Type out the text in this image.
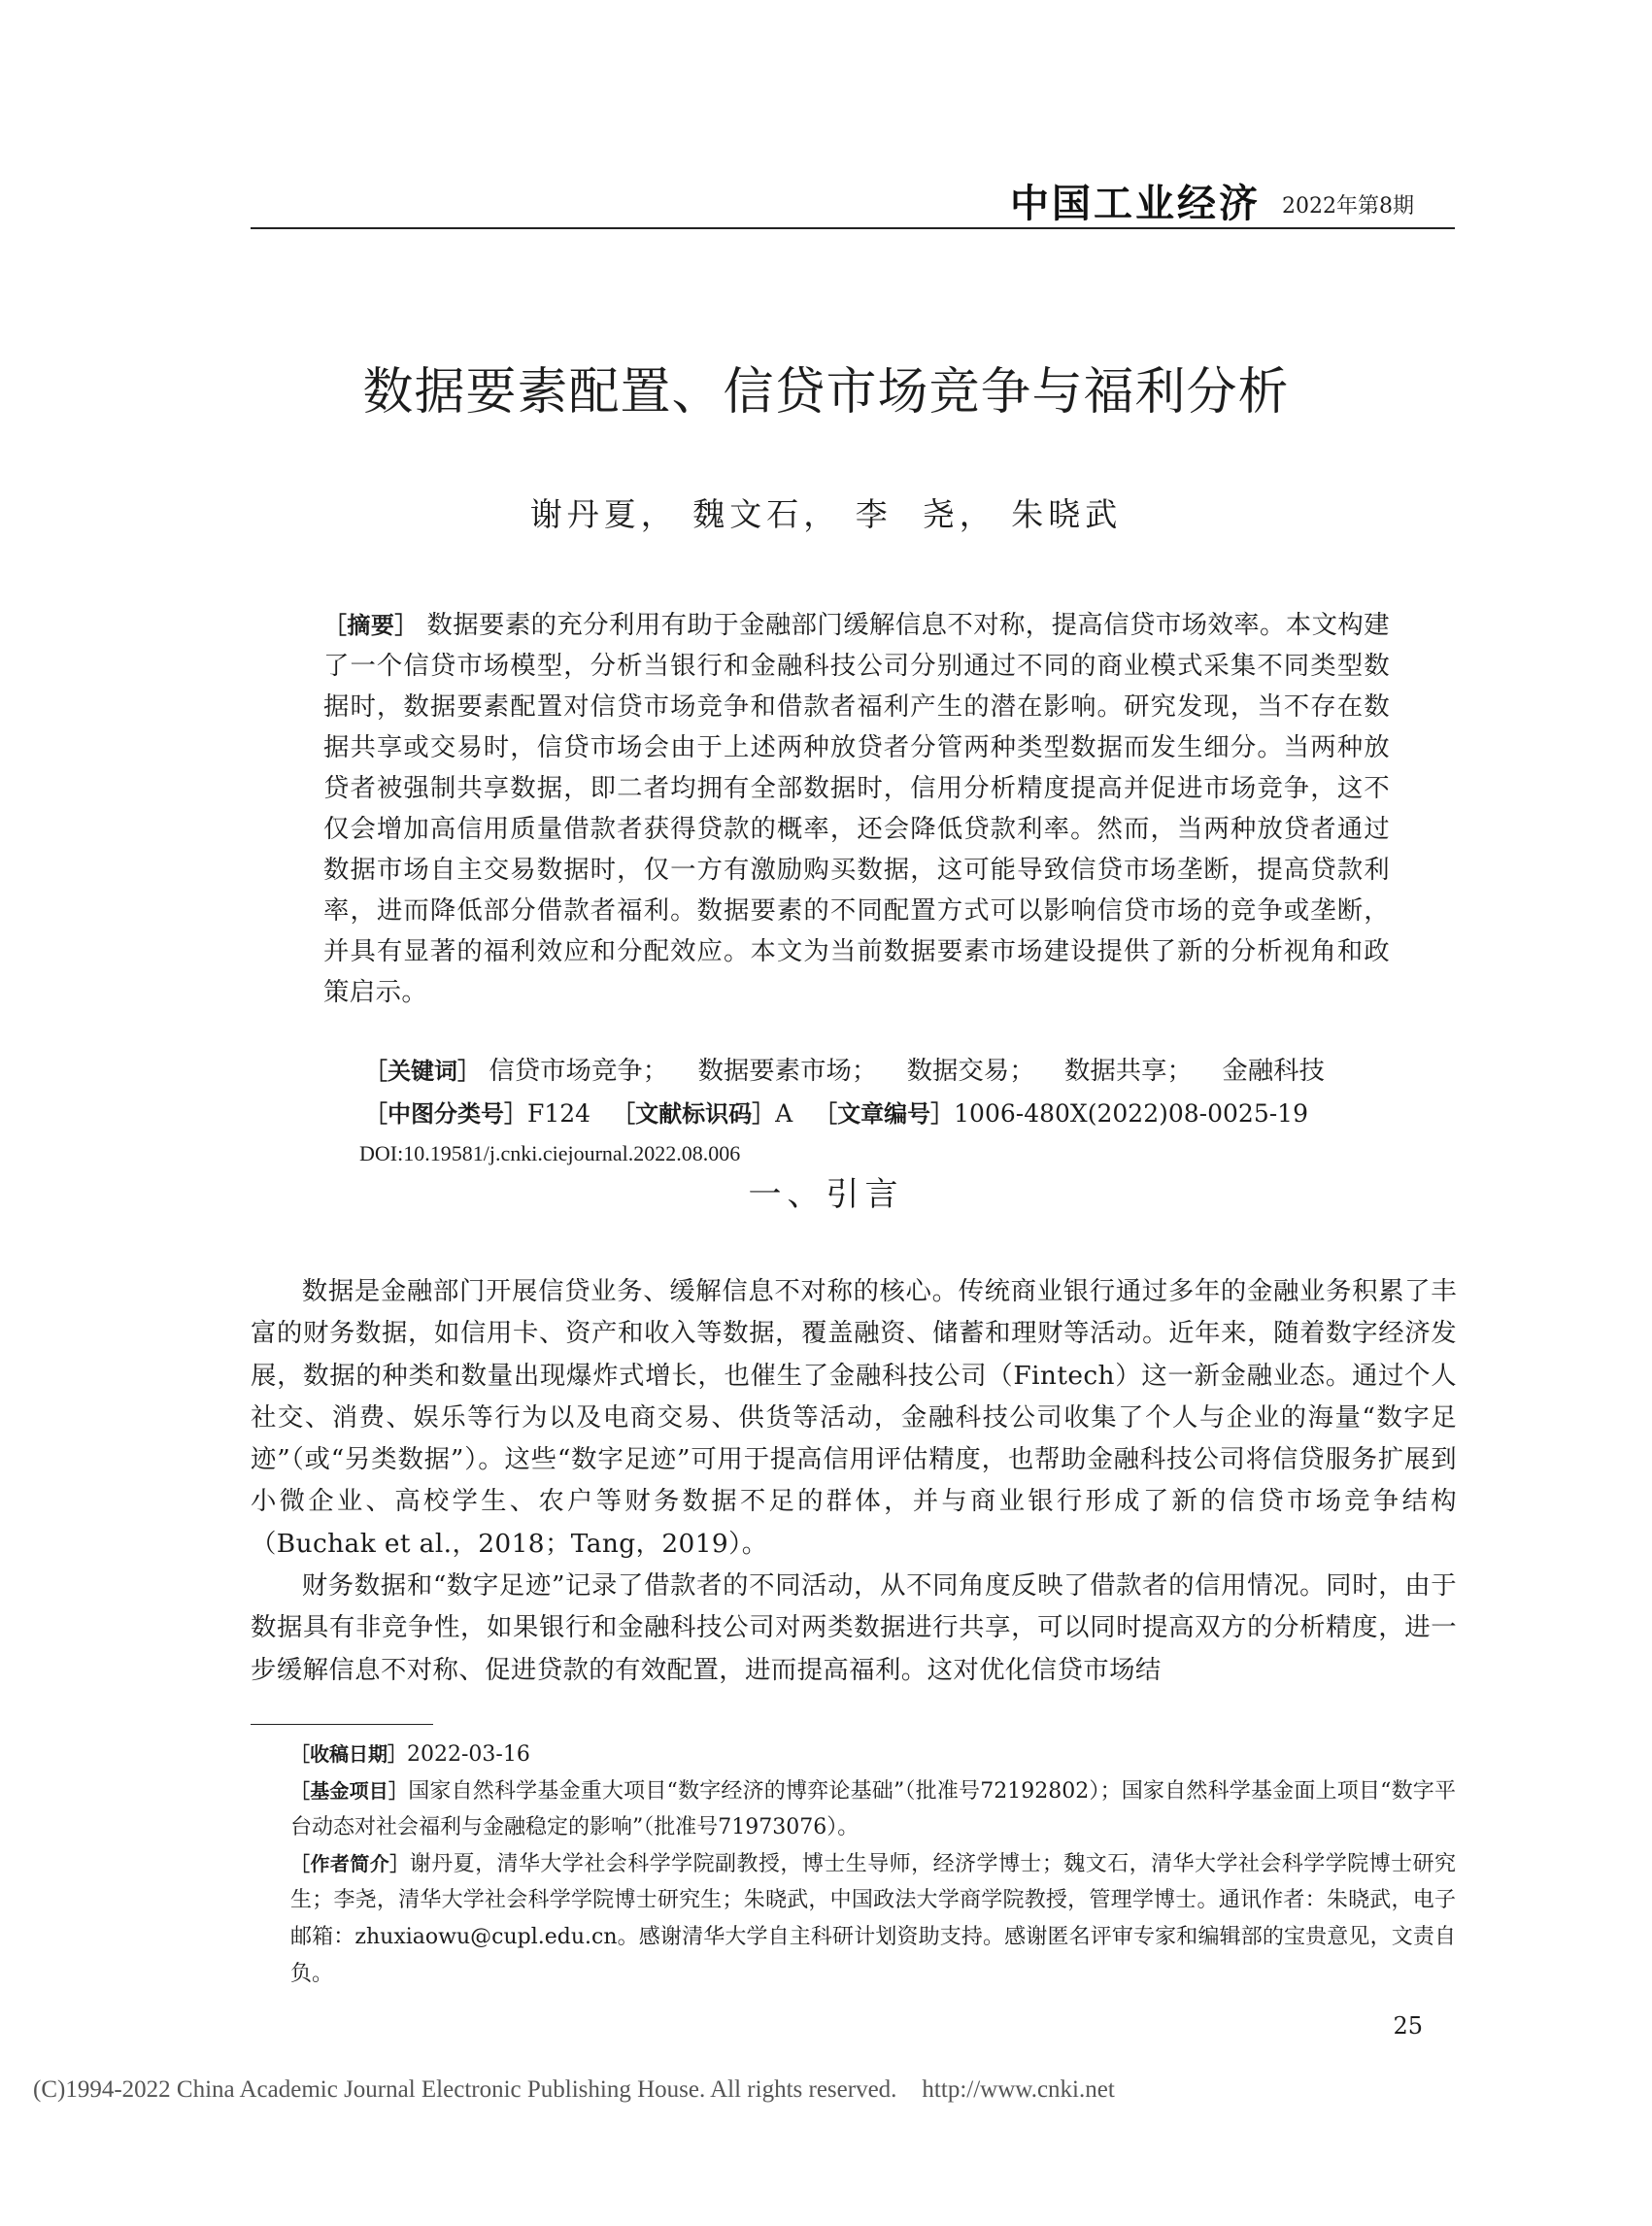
中国工业经济 2022年第8期
数据要素配置、信贷市场竞争与福利分析
谢丹夏， 魏文石， 李  尧， 朱晓武
［摘要］ 数据要素的充分利用有助于金融部门缓解信息不对称，提高信贷市场效率。本文构建了一个信贷市场模型，分析当银行和金融科技公司分别通过不同的商业模式采集不同类型数据时，数据要素配置对信贷市场竞争和借款者福利产生的潜在影响。研究发现，当不存在数据共享或交易时，信贷市场会由于上述两种放贷者分管两种类型数据而发生细分。当两种放贷者被强制共享数据，即二者均拥有全部数据时，信用分析精度提高并促进市场竞争，这不仅会增加高信用质量借款者获得贷款的概率，还会降低贷款利率。然而，当两种放贷者通过数据市场自主交易数据时，仅一方有激励购买数据，这可能导致信贷市场垄断，提高贷款利率，进而降低部分借款者福利。数据要素的不同配置方式可以影响信贷市场的竞争或垄断，并具有显著的福利效应和分配效应。本文为当前数据要素市场建设提供了新的分析视角和政策启示。
［关键词］ 信贷市场竞争； 数据要素市场； 数据交易； 数据共享； 金融科技
［中图分类号］F124 ［文献标识码］A ［文章编号］1006-480X(2022)08-0025-19
DOI:10.19581/j.cnki.ciejournal.2022.08.006
一、引言

数据是金融部门开展信贷业务、缓解信息不对称的核心。传统商业银行通过多年的金融业务积累了丰富的财务数据，如信用卡、资产和收入等数据，覆盖融资、储蓄和理财等活动。近年来，随着数字经济发展，数据的种类和数量出现爆炸式增长，也催生了金融科技公司（Fintech）这一新金融业态。通过个人社交、消费、娱乐等行为以及电商交易、供货等活动，金融科技公司收集了个人与企业的海量“数字足迹”（或“另类数据”）。这些“数字足迹”可用于提高信用评估精度，也帮助金融科技公司将信贷服务扩展到小微企业、高校学生、农户等财务数据不足的群体，并与商业银行形成了新的信贷市场竞争结构（Buchak et al.，2018；Tang，2019）。

财务数据和“数字足迹”记录了借款者的不同活动，从不同角度反映了借款者的信用情况。同时，由于数据具有非竞争性，如果银行和金融科技公司对两类数据进行共享，可以同时提高双方的分析精度，进一步缓解信息不对称、促进贷款的有效配置，进而提高福利。这对优化信贷市场结

［收稿日期］2022-03-16

［基金项目］国家自然科学基金重大项目“数字经济的博弈论基础”（批准号72192802）；国家自然科学基金面上项目“数字平台动态对社会福利与金融稳定的影响”（批准号71973076）。

［作者简介］谢丹夏，清华大学社会科学学院副教授，博士生导师，经济学博士；魏文石，清华大学社会科学学院博士研究生；李尧，清华大学社会科学学院博士研究生；朱晓武，中国政法大学商学院教授，管理学博士。通讯作者：朱晓武，电子邮箱：zhuxiaowu@cupl.edu.cn。感谢清华大学自主科研计划资助支持。感谢匿名评审专家和编辑部的宝贵意见，文责自负。

25
(C)1994-2022 China Academic Journal Electronic Publishing House. All rights reserved. http://www.cnki.net
